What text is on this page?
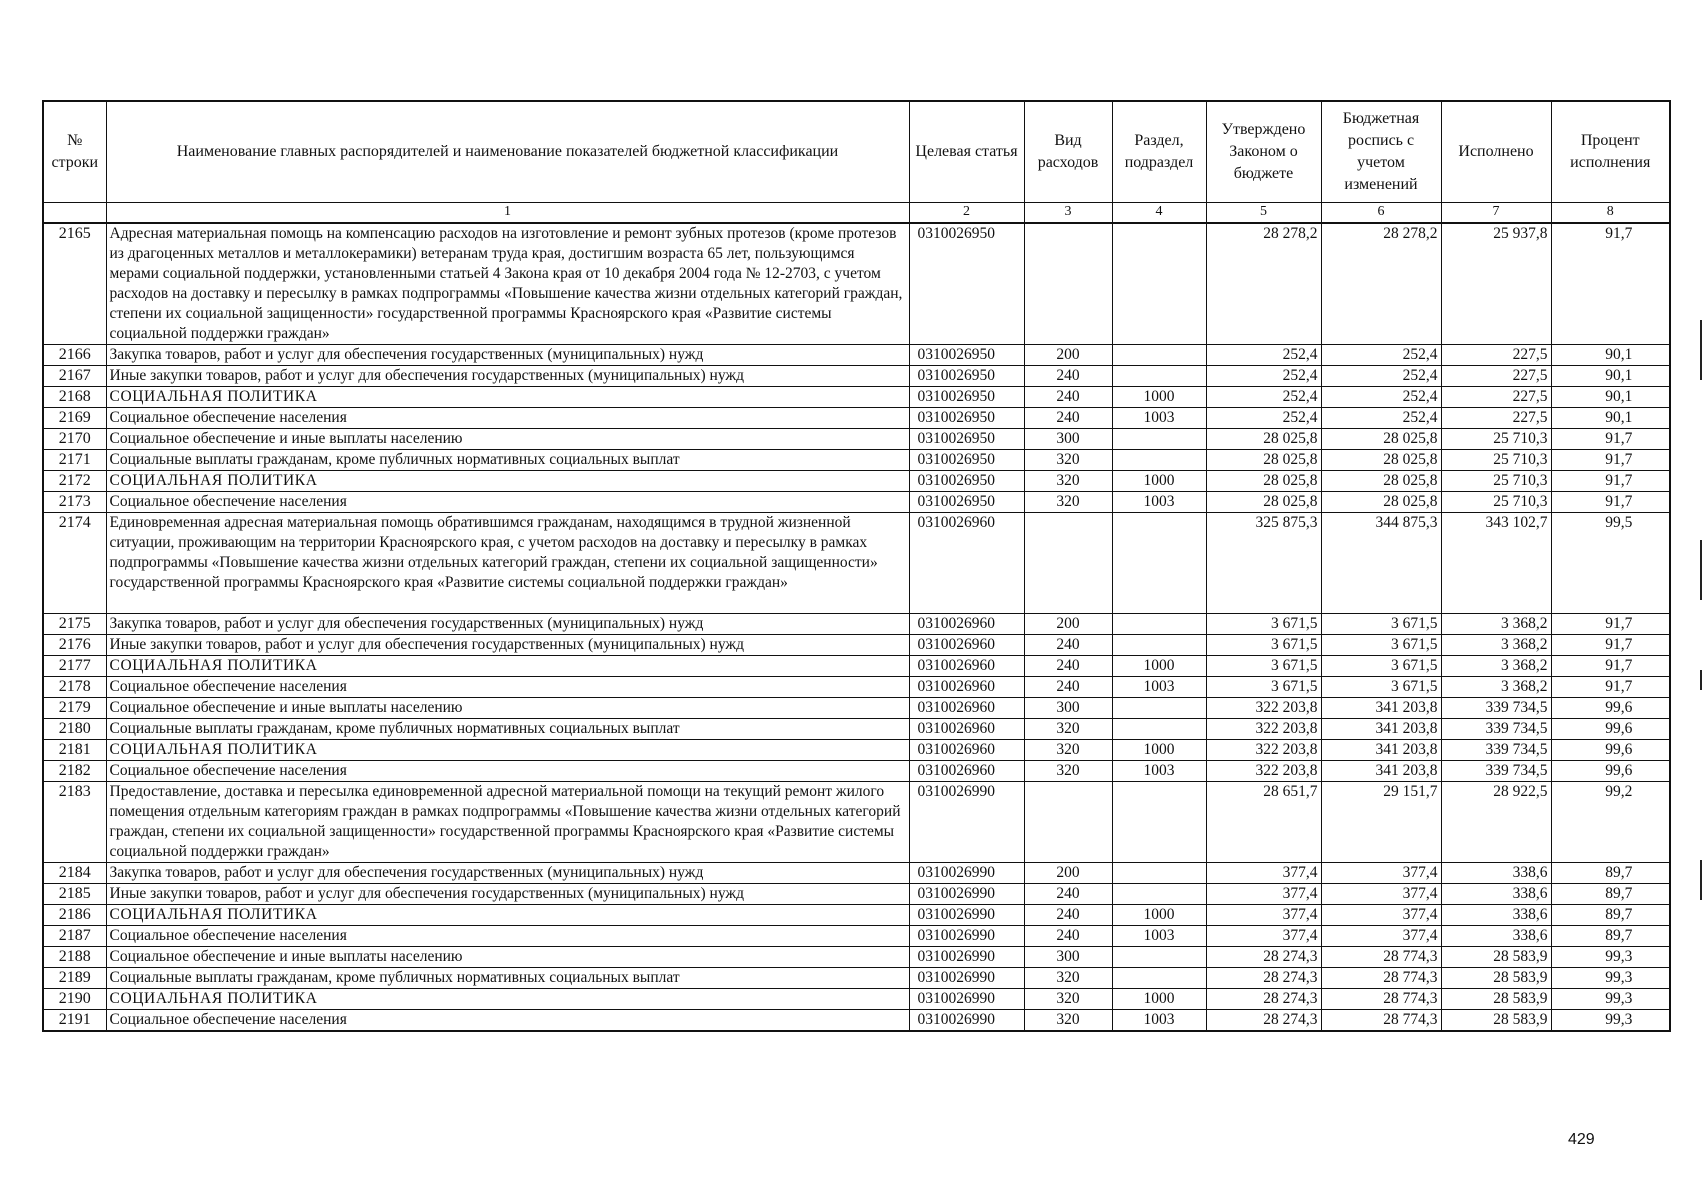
№ строки	Наименование главных распорядителей и наименование показателей бюджетной классификации	Целевая статья	Вид расходов	Раздел, подраздел	Утверждено Законом о бюджете	Бюджетная роспись с учетом изменений	Исполнено	Процент исполнения
	1	2	3	4	5	6	7	8
2165	Адресная материальная помощь на компенсацию расходов на изготовление и ремонт зубных протезов (кроме протезов из драгоценных металлов и металлокерамики) ветеранам труда края, достигшим возраста 65 лет, пользующимся мерами социальной поддержки, установленными статьей 4 Закона края от 10 декабря 2004 года № 12-2703, с учетом расходов на доставку и пересылку в рамках подпрограммы «Повышение качества жизни отдельных категорий граждан, степени их социальной защищенности» государственной программы Красноярского края «Развитие системы социальной поддержки граждан»	0310026950			28 278,2	28 278,2	25 937,8	91,7
2166	Закупка товаров, работ и услуг для обеспечения государственных (муниципальных) нужд	0310026950	200		252,4	252,4	227,5	90,1
2167	Иные закупки товаров, работ и услуг для обеспечения государственных (муниципальных) нужд	0310026950	240		252,4	252,4	227,5	90,1
2168	СОЦИАЛЬНАЯ ПОЛИТИКА	0310026950	240	1000	252,4	252,4	227,5	90,1
2169	Социальное обеспечение населения	0310026950	240	1003	252,4	252,4	227,5	90,1
2170	Социальное обеспечение и иные выплаты населению	0310026950	300		28 025,8	28 025,8	25 710,3	91,7
2171	Социальные выплаты гражданам, кроме публичных нормативных социальных выплат	0310026950	320		28 025,8	28 025,8	25 710,3	91,7
2172	СОЦИАЛЬНАЯ ПОЛИТИКА	0310026950	320	1000	28 025,8	28 025,8	25 710,3	91,7
2173	Социальное обеспечение населения	0310026950	320	1003	28 025,8	28 025,8	25 710,3	91,7
2174	Единовременная адресная материальная помощь обратившимся гражданам, находящимся в трудной жизненной ситуации, проживающим на территории Красноярского края, с учетом расходов на доставку и пересылку в рамках подпрограммы «Повышение качества жизни отдельных категорий граждан, степени их социальной защищенности» государственной программы Красноярского края «Развитие системы социальной поддержки граждан»	0310026960			325 875,3	344 875,3	343 102,7	99,5
2175	Закупка товаров, работ и услуг для обеспечения государственных (муниципальных) нужд	0310026960	200		3 671,5	3 671,5	3 368,2	91,7
2176	Иные закупки товаров, работ и услуг для обеспечения государственных (муниципальных) нужд	0310026960	240		3 671,5	3 671,5	3 368,2	91,7
2177	СОЦИАЛЬНАЯ ПОЛИТИКА	0310026960	240	1000	3 671,5	3 671,5	3 368,2	91,7
2178	Социальное обеспечение населения	0310026960	240	1003	3 671,5	3 671,5	3 368,2	91,7
2179	Социальное обеспечение и иные выплаты населению	0310026960	300		322 203,8	341 203,8	339 734,5	99,6
2180	Социальные выплаты гражданам, кроме публичных нормативных социальных выплат	0310026960	320		322 203,8	341 203,8	339 734,5	99,6
2181	СОЦИАЛЬНАЯ ПОЛИТИКА	0310026960	320	1000	322 203,8	341 203,8	339 734,5	99,6
2182	Социальное обеспечение населения	0310026960	320	1003	322 203,8	341 203,8	339 734,5	99,6
2183	Предоставление, доставка и пересылка единовременной адресной материальной помощи на текущий ремонт жилого помещения отдельным категориям граждан в рамках подпрограммы «Повышение качества жизни отдельных категорий граждан, степени их социальной защищенности» государственной программы Красноярского края «Развитие системы социальной поддержки граждан»	0310026990			28 651,7	29 151,7	28 922,5	99,2
2184	Закупка товаров, работ и услуг для обеспечения государственных (муниципальных) нужд	0310026990	200		377,4	377,4	338,6	89,7
2185	Иные закупки товаров, работ и услуг для обеспечения государственных (муниципальных) нужд	0310026990	240		377,4	377,4	338,6	89,7
2186	СОЦИАЛЬНАЯ ПОЛИТИКА	0310026990	240	1000	377,4	377,4	338,6	89,7
2187	Социальное обеспечение населения	0310026990	240	1003	377,4	377,4	338,6	89,7
2188	Социальное обеспечение и иные выплаты населению	0310026990	300		28 274,3	28 774,3	28 583,9	99,3
2189	Социальные выплаты гражданам, кроме публичных нормативных социальных выплат	0310026990	320		28 274,3	28 774,3	28 583,9	99,3
2190	СОЦИАЛЬНАЯ ПОЛИТИКА	0310026990	320	1000	28 274,3	28 774,3	28 583,9	99,3
2191	Социальное обеспечение населения	0310026990	320	1003	28 274,3	28 774,3	28 583,9	99,3
429
